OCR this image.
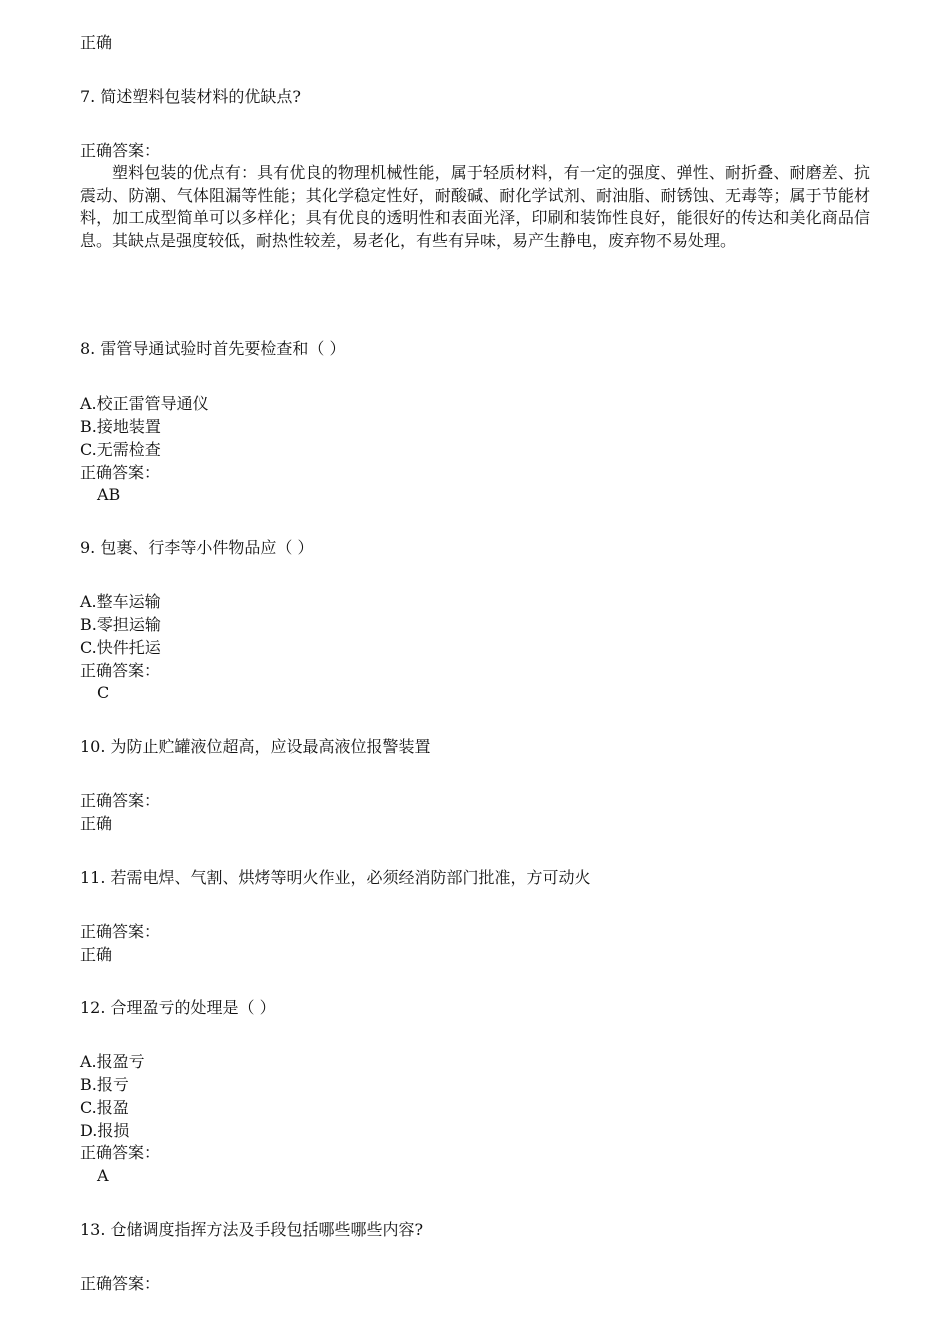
正确
7. 简述塑料包装材料的优缺点?
正确答案：

塑料包装的优点有：具有优良的物理机械性能，属于轻质材料，有一定的强度、弹性、耐折叠、耐磨差、抗震动、防潮、气体阻漏等性能；其化学稳定性好，耐酸碱、耐化学试剂、耐油脂、耐锈蚀、无毒等；属于节能材料，加工成型简单可以多样化；具有优良的透明性和表面光泽，印刷和装饰性良好，能很好的传达和美化商品信息。其缺点是强度较低，耐热性较差，易老化，有些有异味，易产生静电，废弃物不易处理。

8. 雷管导通试验时首先要检查和（ ）
A.校正雷管导通仪
B.接地装置
C.无需检查
正确答案：
AB
9. 包裹、行李等小件物品应（ ）
A.整车运输
B.零担运输
C.快件托运
正确答案：
C
10. 为防止贮罐液位超高，应设最高液位报警装置
正确答案：
正确
11. 若需电焊、气割、烘烤等明火作业，必须经消防部门批准，方可动火
正确答案：
正确
12. 合理盈亏的处理是（ ）
A.报盈亏
B.报亏
C.报盈
D.报损
正确答案：
A
13. 仓储调度指挥方法及手段包括哪些哪些内容?
正确答案：
